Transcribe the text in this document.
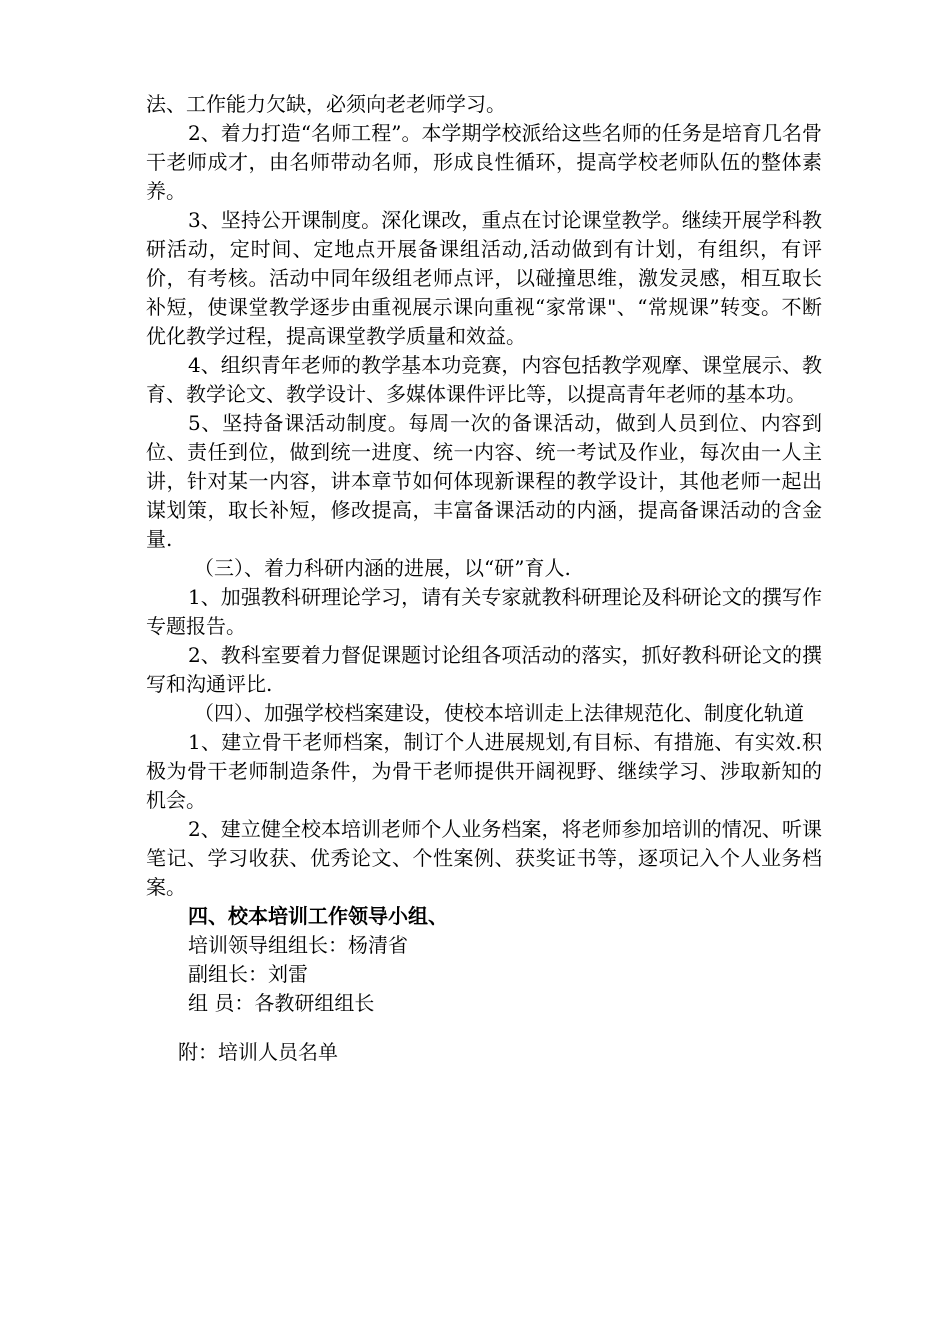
法、工作能力欠缺，必须向老老师学习。

2、着力打造“名师工程”。本学期学校派给这些名师的任务是培育几名骨干老师成才，由名师带动名师，形成良性循环，提高学校老师队伍的整体素养。

3、坚持公开课制度。深化课改，重点在讨论课堂教学。继续开展学科教研活动，定时间、定地点开展备课组活动,活动做到有计划，有组织，有评价，有考核。活动中同年级组老师点评，以碰撞思维，激发灵感，相互取长补短，使课堂教学逐步由重视展示课向重视“家常课"、“常规课”转变。不断优化教学过程，提高课堂教学质量和效益。

4、组织青年老师的教学基本功竞赛，内容包括教学观摩、课堂展示、教育、教学论文、教学设计、多媒体课件评比等，以提高青年老师的基本功。

5、坚持备课活动制度。每周一次的备课活动，做到人员到位、内容到位、责任到位，做到统一进度、统一内容、统一考试及作业，每次由一人主讲，针对某一内容，讲本章节如何体现新课程的教学设计，其他老师一起出谋划策，取长补短，修改提高，丰富备课活动的内涵，提高备课活动的含金量.

（三）、着力科研内涵的进展，以“研”育人.

1、加强教科研理论学习，请有关专家就教科研理论及科研论文的撰写作专题报告。

2、教科室要着力督促课题讨论组各项活动的落实，抓好教科研论文的撰写和沟通评比.

（四）、加强学校档案建设，使校本培训走上法律规范化、制度化轨道

1、建立骨干老师档案，制订个人进展规划,有目标、有措施、有实效.积极为骨干老师制造条件，为骨干老师提供开阔视野、继续学习、涉取新知的机会。

2、建立健全校本培训老师个人业务档案，将老师参加培训的情况、听课笔记、学习收获、优秀论文、个性案例、获奖证书等，逐项记入个人业务档案。

四、校本培训工作领导小组、

培训领导组组长：杨清省

副组长：刘雷

组 员：各教研组组长

附：培训人员名单
